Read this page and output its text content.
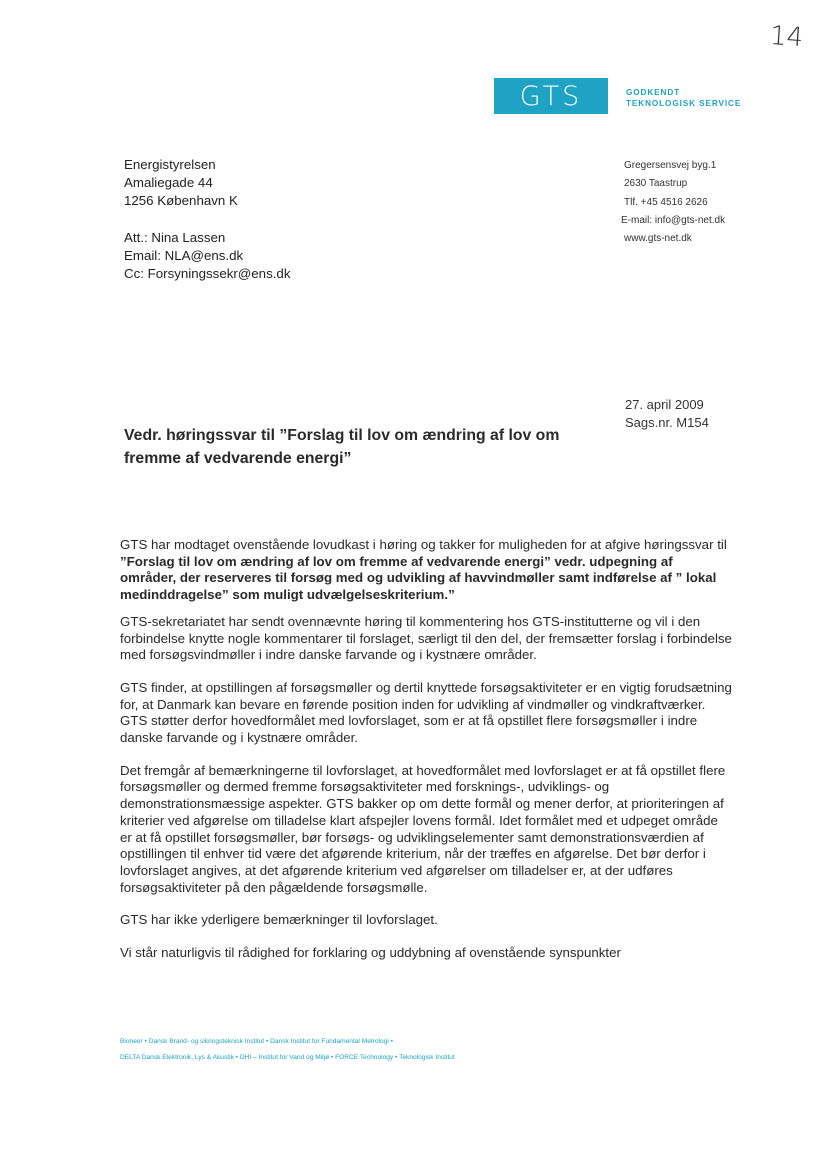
14
GTS	GODKENDT
TEKNOLOGISK SERVICE
Energistyrelsen
Amaliegade 44
1256 København K
Att.: Nina Lassen
Email: NLA@ens.dk
Cc: Forsyningssekr@ens.dk
Gregersensvej byg.1
2630 Taastrup
Tlf. +45 4516 2626
E-mail: info@gts-net.dk
www.gts-net.dk
27. april 2009
Sags.nr. M154
Vedr. høringssvar til ”Forslag til lov om ændring af lov om fremme af vedvarende energi”

GTS har modtaget ovenstående lovudkast i høring og takker for muligheden for at afgive høringssvar til ”Forslag til lov om ændring af lov om fremme af vedvarende energi” vedr. udpegning af områder, der reserveres til forsøg med og udvikling af havvindmøller samt indførelse af ” lokal medinddragelse” som muligt udvælgelseskriterium.”

GTS-sekretariatet har sendt ovennævnte høring til kommentering hos GTS-institutterne og vil i den forbindelse knytte nogle kommentarer til forslaget, særligt til den del, der fremsætter forslag i forbindelse med forsøgsvindmøller i indre danske farvande og i kystnære områder.

GTS finder, at opstillingen af forsøgsmøller og dertil knyttede forsøgsaktiviteter er en vigtig forudsætning for, at Danmark kan bevare en førende position inden for udvikling af vindmøller og vindkraftværker. GTS støtter derfor hovedformålet med lovforslaget, som er at få opstillet flere forsøgsmøller i indre danske farvande og i kystnære områder.

Det fremgår af bemærkningerne til lovforslaget, at hovedformålet med lovforslaget er at få opstillet flere forsøgsmøller og dermed fremme forsøgsaktiviteter med forsknings-, udviklings- og demonstrationsmæssige aspekter. GTS bakker op om dette formål og mener derfor, at prioriteringen af kriterier ved afgørelse om tilladelse klart afspejler lovens formål. Idet formålet med et udpeget område er at få opstillet forsøgsmøller, bør forsøgs- og udviklingselementer samt demonstrationsværdien af opstillingen til enhver tid være det afgørende kriterium, når der træffes en afgørelse. Det bør derfor i lovforslaget angives, at det afgørende kriterium ved afgørelser om tilladelser er, at der udføres forsøgsaktiviteter på den pågældende forsøgsmølle.

GTS har ikke yderligere bemærkninger til lovforslaget.

Vi står naturligvis til rådighed for forklaring og uddybning af ovenstående synspunkter

Bioneer • Dansk Brand- og sikringsteknisk Institut • Dansk Institut for Fundamental Metrologi •
DELTA Dansk Elektronik, Lys & Akustik • DHI – Institut for Vand og Miljø • FORCE Technology • Teknologisk Institut
